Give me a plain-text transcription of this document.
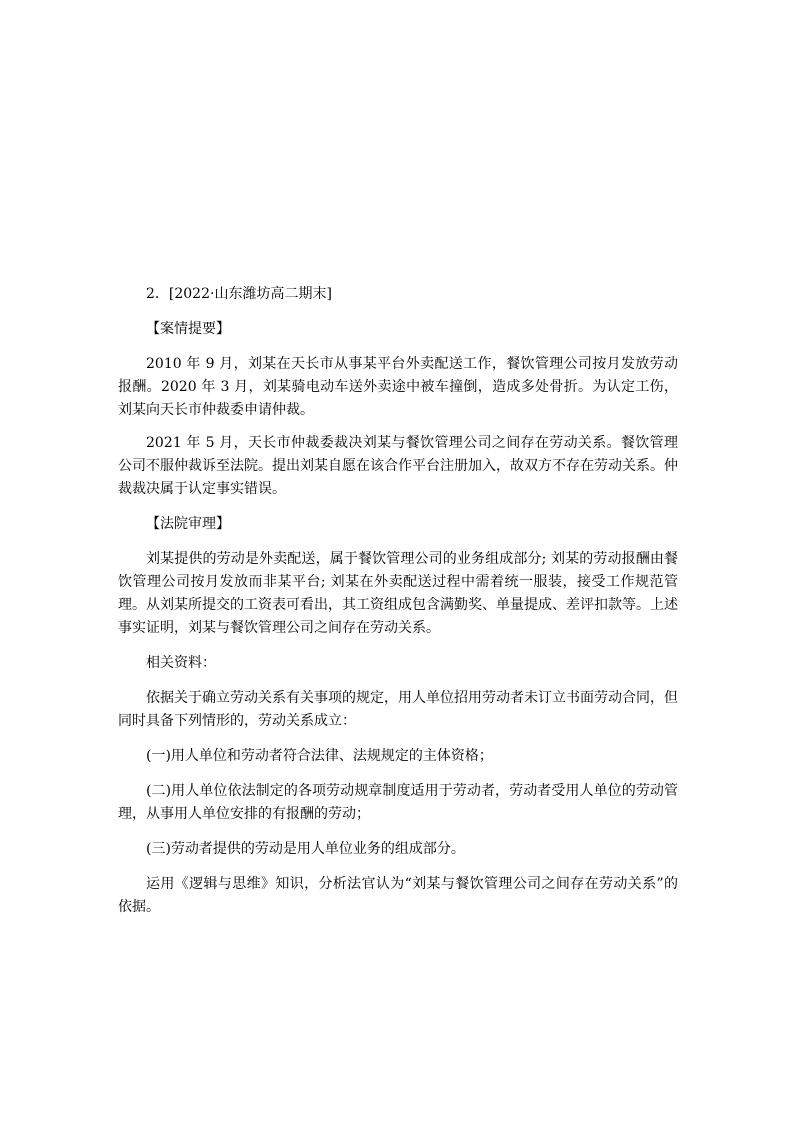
2．[2022·山东潍坊高二期末]

【案情提要】

2010 年 9 月，刘某在天长市从事某平台外卖配送工作，餐饮管理公司按月发放劳动报酬。2020 年 3 月，刘某骑电动车送外卖途中被车撞倒，造成多处骨折。为认定工伤，刘某向天长市仲裁委申请仲裁。

2021 年 5 月，天长市仲裁委裁决刘某与餐饮管理公司之间存在劳动关系。餐饮管理公司不服仲裁诉至法院。提出刘某自愿在该合作平台注册加入，故双方不存在劳动关系。仲裁裁决属于认定事实错误。

【法院审理】

刘某提供的劳动是外卖配送，属于餐饮管理公司的业务组成部分; 刘某的劳动报酬由餐饮管理公司按月发放而非某平台; 刘某在外卖配送过程中需着统一服装，接受工作规范管理。从刘某所提交的工资表可看出，其工资组成包含满勤奖、单量提成、差评扣款等。上述事实证明，刘某与餐饮管理公司之间存在劳动关系。

相关资料：

依据关于确立劳动关系有关事项的规定，用人单位招用劳动者未订立书面劳动合同，但同时具备下列情形的，劳动关系成立：

(一)用人单位和劳动者符合法律、法规规定的主体资格；

(二)用人单位依法制定的各项劳动规章制度适用于劳动者，劳动者受用人单位的劳动管理，从事用人单位安排的有报酬的劳动；

(三)劳动者提供的劳动是用人单位业务的组成部分。

运用《逻辑与思维》知识，分析法官认为“刘某与餐饮管理公司之间存在劳动关系”的依据。
